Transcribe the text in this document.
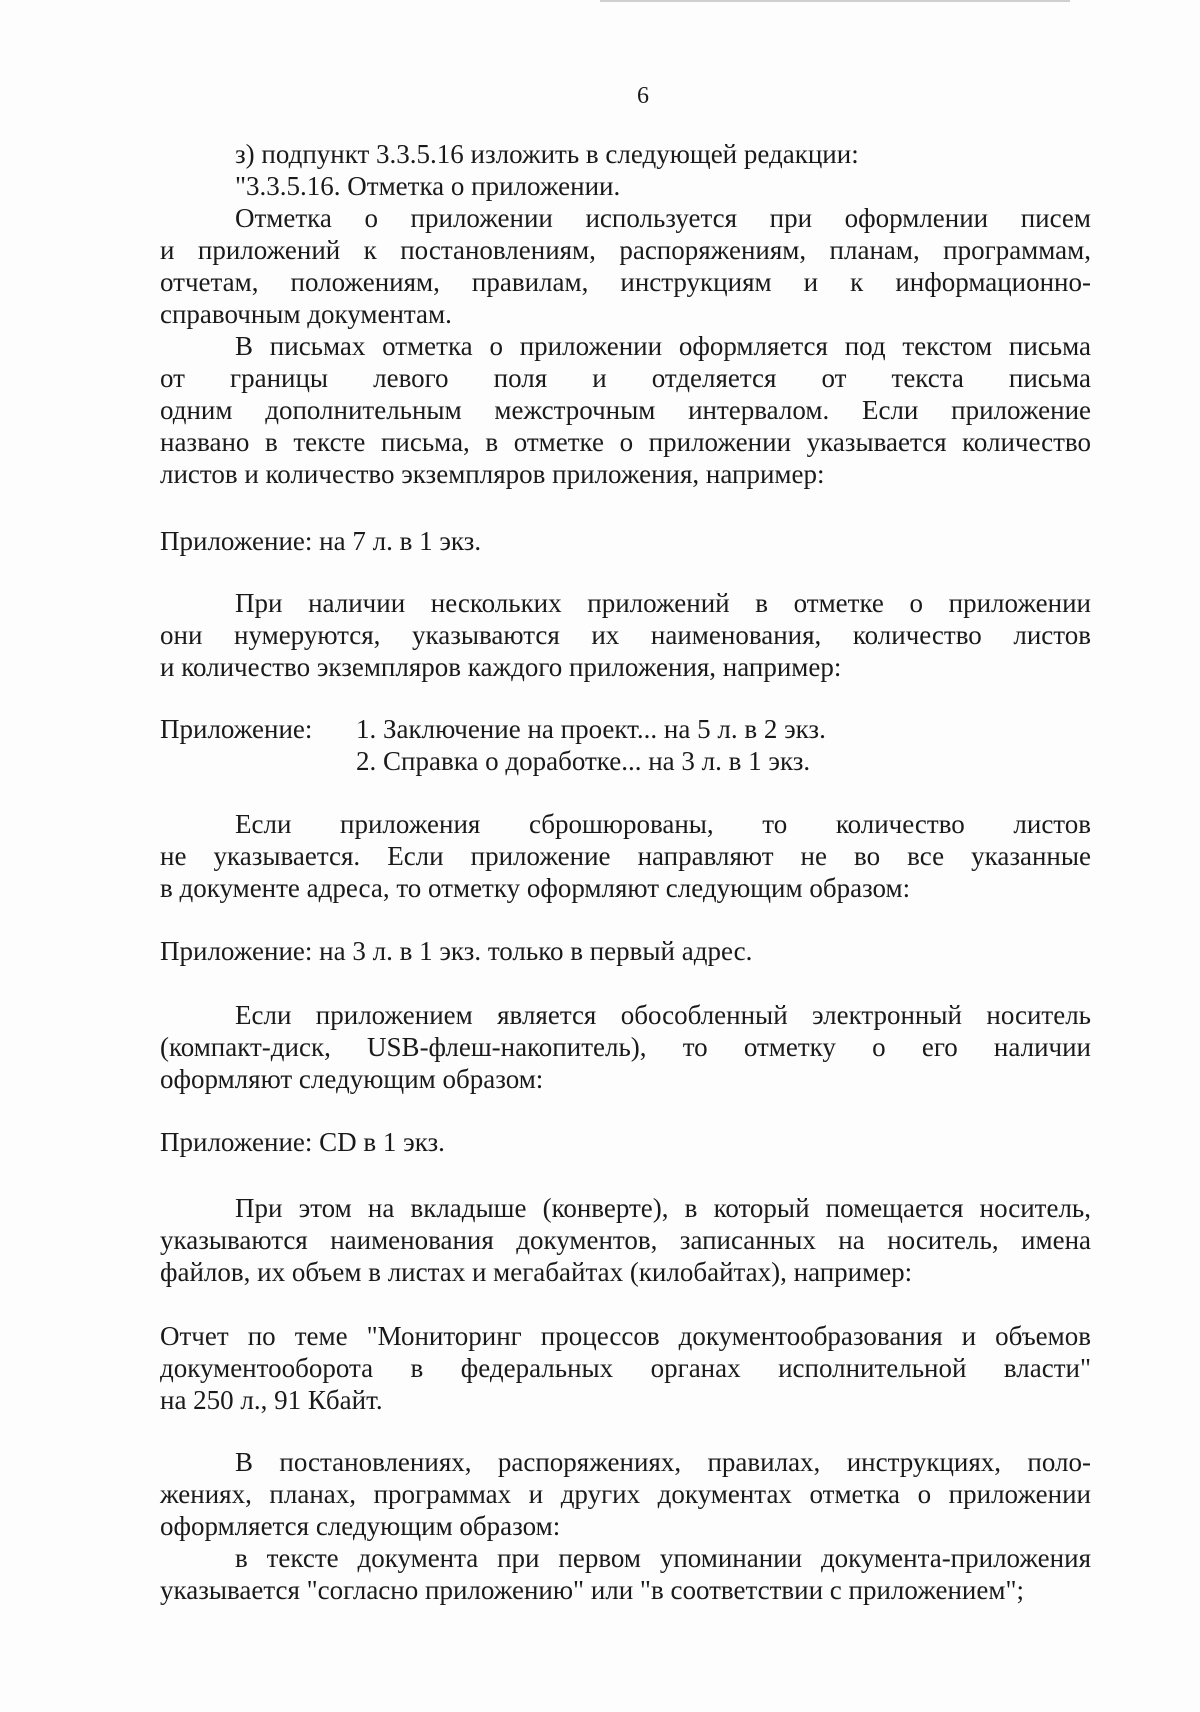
6
з) подпункт 3.3.5.16 изложить в следующей редакции:
"3.3.5.16. Отметка о приложении.
Отметка о приложении используется при оформлении писем
и приложений к постановлениям, распоряжениям, планам, программам,
отчетам, положениям, правилам, инструкциям и к информационно-
справочным документам.
В письмах отметка о приложении оформляется под текстом письма
от границы левого поля и отделяется от текста письма
одним дополнительным межстрочным интервалом. Если приложение
названо в тексте письма, в отметке о приложении указывается количество
листов и количество экземпляров приложения, например:
Приложение: на 7 л. в 1 экз.
При наличии нескольких приложений в отметке о приложении
они нумеруются, указываются их наименования, количество листов
и количество экземпляров каждого приложения, например:
Приложение: 1. Заключение на проект... на 5 л. в 2 экз.
2. Справка о доработке... на 3 л. в 1 экз.
Если приложения сброшюрованы, то количество листов
не указывается. Если приложение направляют не во все указанные
в документе адреса, то отметку оформляют следующим образом:
Приложение: на 3 л. в 1 экз. только в первый адрес.
Если приложением является обособленный электронный носитель
(компакт-диск, USB-флеш-накопитель), то отметку о его наличии
оформляют следующим образом:
Приложение: CD в 1 экз.
При этом на вкладыше (конверте), в который помещается носитель,
указываются наименования документов, записанных на носитель, имена
файлов, их объем в листах и мегабайтах (килобайтах), например:
Отчет по теме "Мониторинг процессов документообразования и объемов
документооборота в федеральных органах исполнительной власти"
на 250 л., 91 Кбайт.
В постановлениях, распоряжениях, правилах, инструкциях, поло-
жениях, планах, программах и других документах отметка о приложении
оформляется следующим образом:
в тексте документа при первом упоминании документа-приложения
указывается "согласно приложению" или "в соответствии с приложением";
